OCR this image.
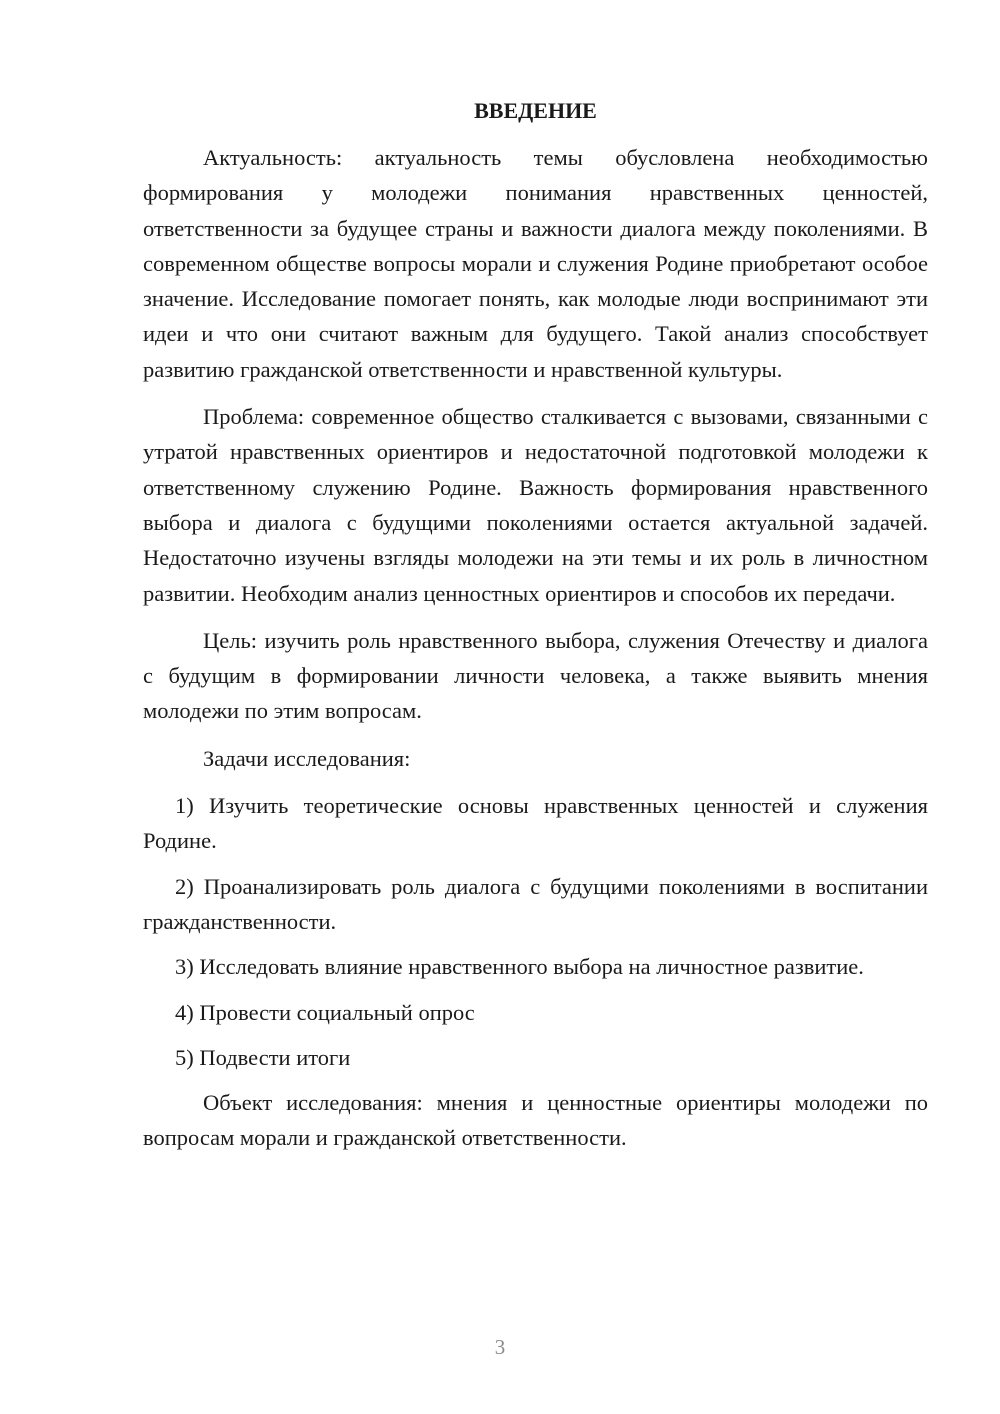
ВВЕДЕНИЕ

Актуальность: актуальность темы обусловлена необходимостью формирования у молодежи понимания нравственных ценностей, ответственности за будущее страны и важности диалога между поколениями. В современном обществе вопросы морали и служения Родине приобретают особое значение. Исследование помогает понять, как молодые люди воспринимают эти идеи и что они считают важным для будущего. Такой анализ способствует развитию гражданской ответственности и нравственной культуры.

Проблема: современное общество сталкивается с вызовами, связанными с утратой нравственных ориентиров и недостаточной подготовкой молодежи к ответственному служению Родине. Важность формирования нравственного выбора и диалога с будущими поколениями остается актуальной задачей. Недостаточно изучены взгляды молодежи на эти темы и их роль в личностном развитии. Необходим анализ ценностных ориентиров и способов их передачи.

Цель: изучить роль нравственного выбора, служения Отечеству и диалога с будущим в формировании личности человека, а также выявить мнения молодежи по этим вопросам.

Задачи исследования:

1) Изучить теоретические основы нравственных ценностей и служения Родине.

2) Проанализировать роль диалога с будущими поколениями в воспитании гражданственности.

3) Исследовать влияние нравственного выбора на личностное развитие.

4) Провести социальный опрос

5) Подвести итоги

Объект исследования: мнения и ценностные ориентиры молодежи по вопросам морали и гражданской ответственности.

3
